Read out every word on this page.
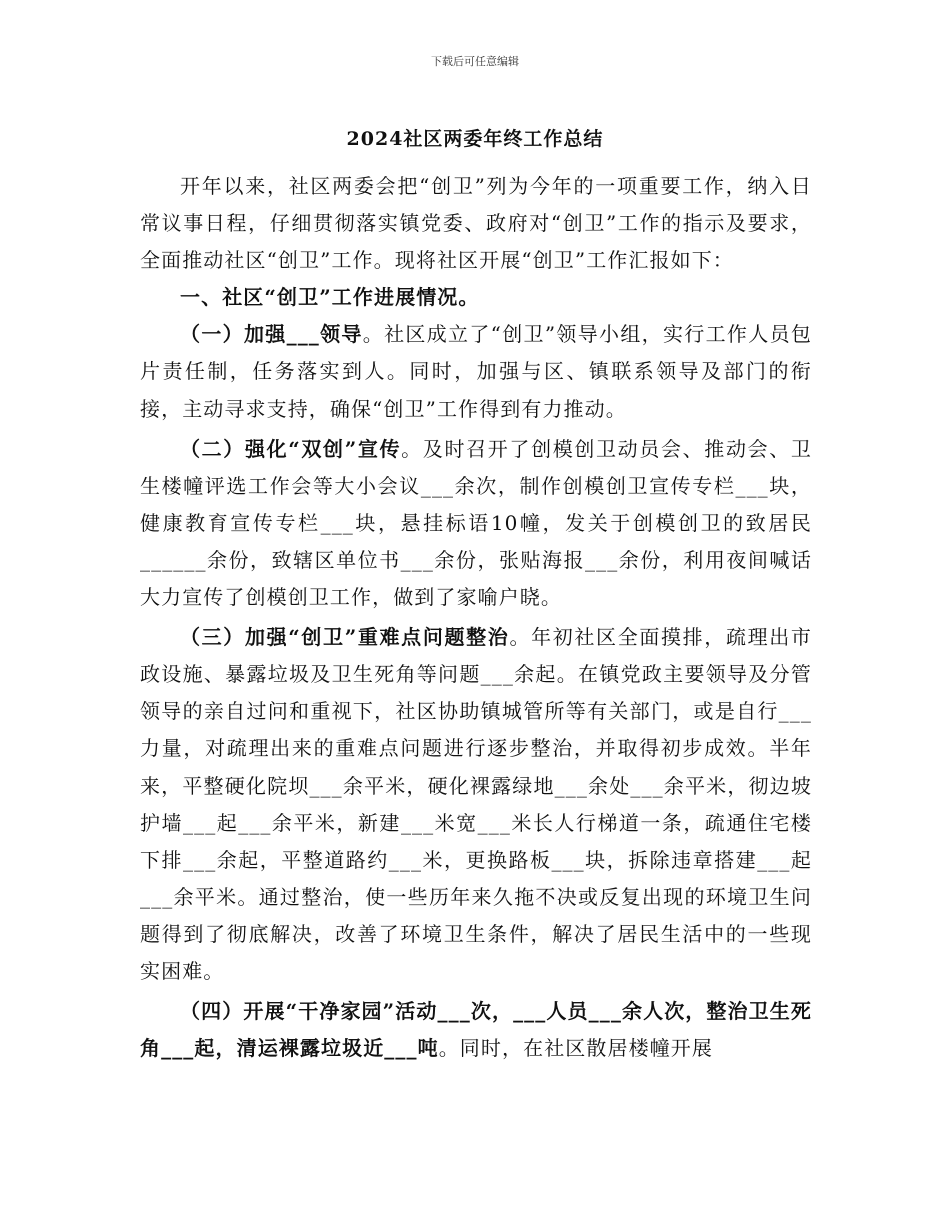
下载后可任意编辑
2024社区两委年终工作总结

开年以来，社区两委会把“创卫”列为今年的一项重要工作，纳入日常议事日程，仔细贯彻落实镇党委、政府对“创卫”工作的指示及要求，全面推动社区“创卫”工作。现将社区开展“创卫”工作汇报如下：

一、社区“创卫”工作进展情况。

（一）加强___领导。社区成立了“创卫”领导小组，实行工作人员包片责任制，任务落实到人。同时，加强与区、镇联系领导及部门的衔接，主动寻求支持，确保“创卫”工作得到有力推动。

（二）强化“双创”宣传。及时召开了创模创卫动员会、推动会、卫生楼幢评选工作会等大小会议___余次，制作创模创卫宣传专栏___块，健康教育宣传专栏___块，悬挂标语10幢，发关于创模创卫的致居民______余份，致辖区单位书___余份，张贴海报___余份，利用夜间喊话大力宣传了创模创卫工作，做到了家喻户晓。

（三）加强“创卫”重难点问题整治。年初社区全面摸排，疏理出市政设施、暴露垃圾及卫生死角等问题___余起。在镇党政主要领导及分管领导的亲自过问和重视下，社区协助镇城管所等有关部门，或是自行___力量，对疏理出来的重难点问题进行逐步整治，并取得初步成效。半年来，平整硬化院坝___余平米，硬化裸露绿地___余处___余平米，彻边坡护墙___起___余平米，新建___米宽___米长人行梯道一条，疏通住宅楼下排___余起，平整道路约___米，更换路板___块，拆除违章搭建___起___余平米。通过整治，使一些历年来久拖不决或反复出现的环境卫生问题得到了彻底解决，改善了环境卫生条件，解决了居民生活中的一些现实困难。

（四）开展“干净家园”活动___次，___人员___余人次，整治卫生死角___起，清运裸露垃圾近___吨。同时，在社区散居楼幢开展
